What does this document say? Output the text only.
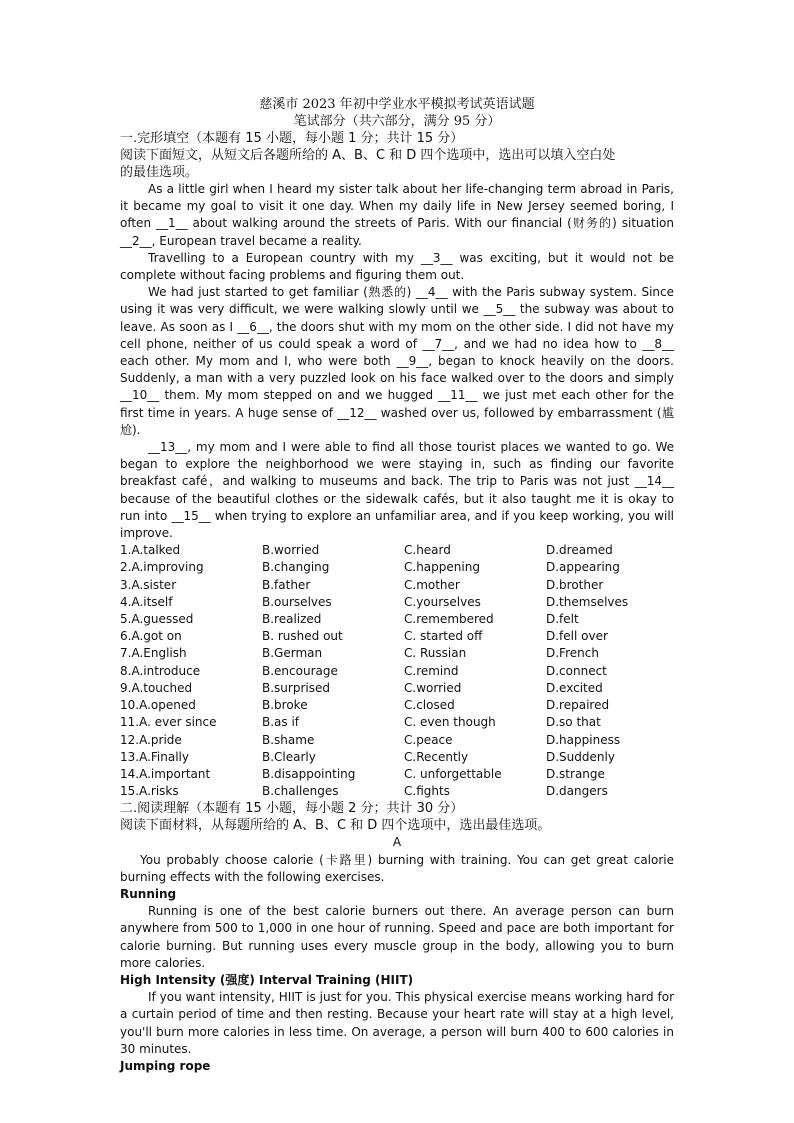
慈溪市 2023 年初中学业水平模拟考试英语试题
笔试部分（共六部分，满分 95 分）
一.完形填空（本题有 15 小题，每小题 1 分；共计 15 分）
阅读下面短文，从短文后各题所给的 A、B、C 和 D 四个选项中，选出可以填入空白处
的最佳选项。

As a little girl when I heard my sister talk about her life-changing term abroad in Paris, it became my goal to visit it one day. When my daily life in New Jersey seemed boring, I often __1__ about walking around the streets of Paris. With our financial (财务的) situation __2__, European travel became a reality.

Travelling to a European country with my __3__ was exciting, but it would not be complete without facing problems and figuring them out.

We had just started to get familiar (熟悉的) __4__ with the Paris subway system. Since using it was very difficult, we were walking slowly until we __5__ the subway was about to leave. As soon as I __6__, the doors shut with my mom on the other side. I did not have my cell phone, neither of us could speak a word of __7__, and we had no idea how to __8__ each other. My mom and I, who were both __9__, began to knock heavily on the doors. Suddenly, a man with a very puzzled look on his face walked over to the doors and simply __10__ them. My mom stepped on and we hugged __11__ we just met each other for the first time in years. A huge sense of __12__ washed over us, followed by embarrassment (尴尬).

__13__, my mom and I were able to find all those tourist places we wanted to go. We began to explore the neighborhood we were staying in, such as finding our favorite breakfast café，and walking to museums and back. The trip to Paris was not just __14__ because of the beautiful clothes or the sidewalk cafés, but it also taught me it is okay to run into __15__ when trying to explore an unfamiliar area, and if you keep working, you will improve.

1.A.talked	B.worried	C.heard	D.dreamed
2.A.improving	B.changing	C.happening	D.appearing
3.A.sister	B.father	C.mother	D.brother
4.A.itself	B.ourselves	C.yourselves	D.themselves
5.A.guessed	B.realized	C.remembered	D.felt
6.A.got on	B. rushed out	C. started off	D.fell over
7.A.English	B.German	C. Russian	D.French
8.A.introduce	B.encourage	C.remind	D.connect
9.A.touched	B.surprised	C.worried	D.excited
10.A.opened	B.broke	C.closed	D.repaired
11.A. ever since	B.as if	C. even though	D.so that
12.A.pride	B.shame	C.peace	D.happiness
13.A.Finally	B.Clearly	C.Recently	D.Suddenly
14.A.important	B.disappointing	C. unforgettable	D.strange
15.A.risks	B.challenges	C.fights	D.dangers
二.阅读理解（本题有 15 小题，每小题 2 分；共计 30 分）
阅读下面材料，从每题所给的 A、B、C 和 D 四个选项中，选出最佳选项。
A

You probably choose calorie (卡路里) burning with training. You can get great calorie burning effects with the following exercises.

Running

Running is one of the best calorie burners out there. An average person can burn anywhere from 500 to 1,000 in one hour of running. Speed and pace are both important for calorie burning. But running uses every muscle group in the body, allowing you to burn more calories.

High Intensity (强度) Interval Training (HIIT)

If you want intensity, HIIT is just for you. This physical exercise means working hard for a curtain period of time and then resting. Because your heart rate will stay at a high level, you'll burn more calories in less time. On average, a person will burn 400 to 600 calories in 30 minutes.

Jumping rope
